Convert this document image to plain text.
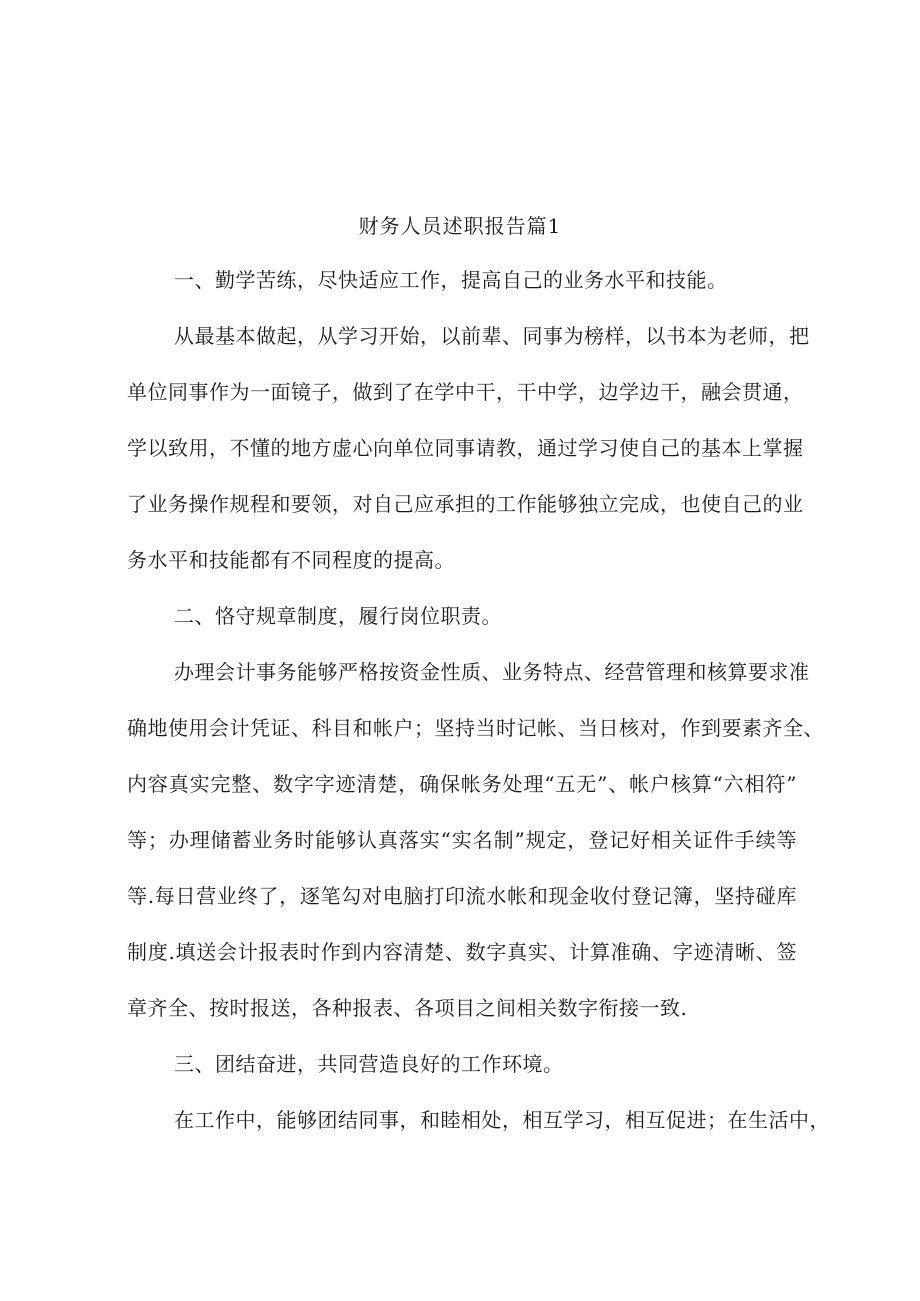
财务人员述职报告篇1

一、勤学苦练，尽快适应工作，提高自己的业务水平和技能。

从最基本做起，从学习开始，以前辈、同事为榜样，以书本为老师，把

单位同事作为一面镜子，做到了在学中干，干中学，边学边干，融会贯通，

学以致用，不懂的地方虚心向单位同事请教，通过学习使自己的基本上掌握

了业务操作规程和要领，对自己应承担的工作能够独立完成，也使自己的业

务水平和技能都有不同程度的提高。

二、恪守规章制度，履行岗位职责。

办理会计事务能够严格按资金性质、业务特点、经营管理和核算要求准

确地使用会计凭证、科目和帐户；坚持当时记帐、当日核对，作到要素齐全、

内容真实完整、数字字迹清楚，确保帐务处理“五无”、帐户核算“六相符”

等；办理储蓄业务时能够认真落实“实名制”规定，登记好相关证件手续等

等.每日营业终了，逐笔勾对电脑打印流水帐和现金收付登记簿，坚持碰库

制度.填送会计报表时作到内容清楚、数字真实、计算准确、字迹清晰、签

章齐全、按时报送，各种报表、各项目之间相关数字衔接一致.

三、团结奋进，共同营造良好的工作环境。

在工作中，能够团结同事，和睦相处，相互学习，相互促进；在生活中，
